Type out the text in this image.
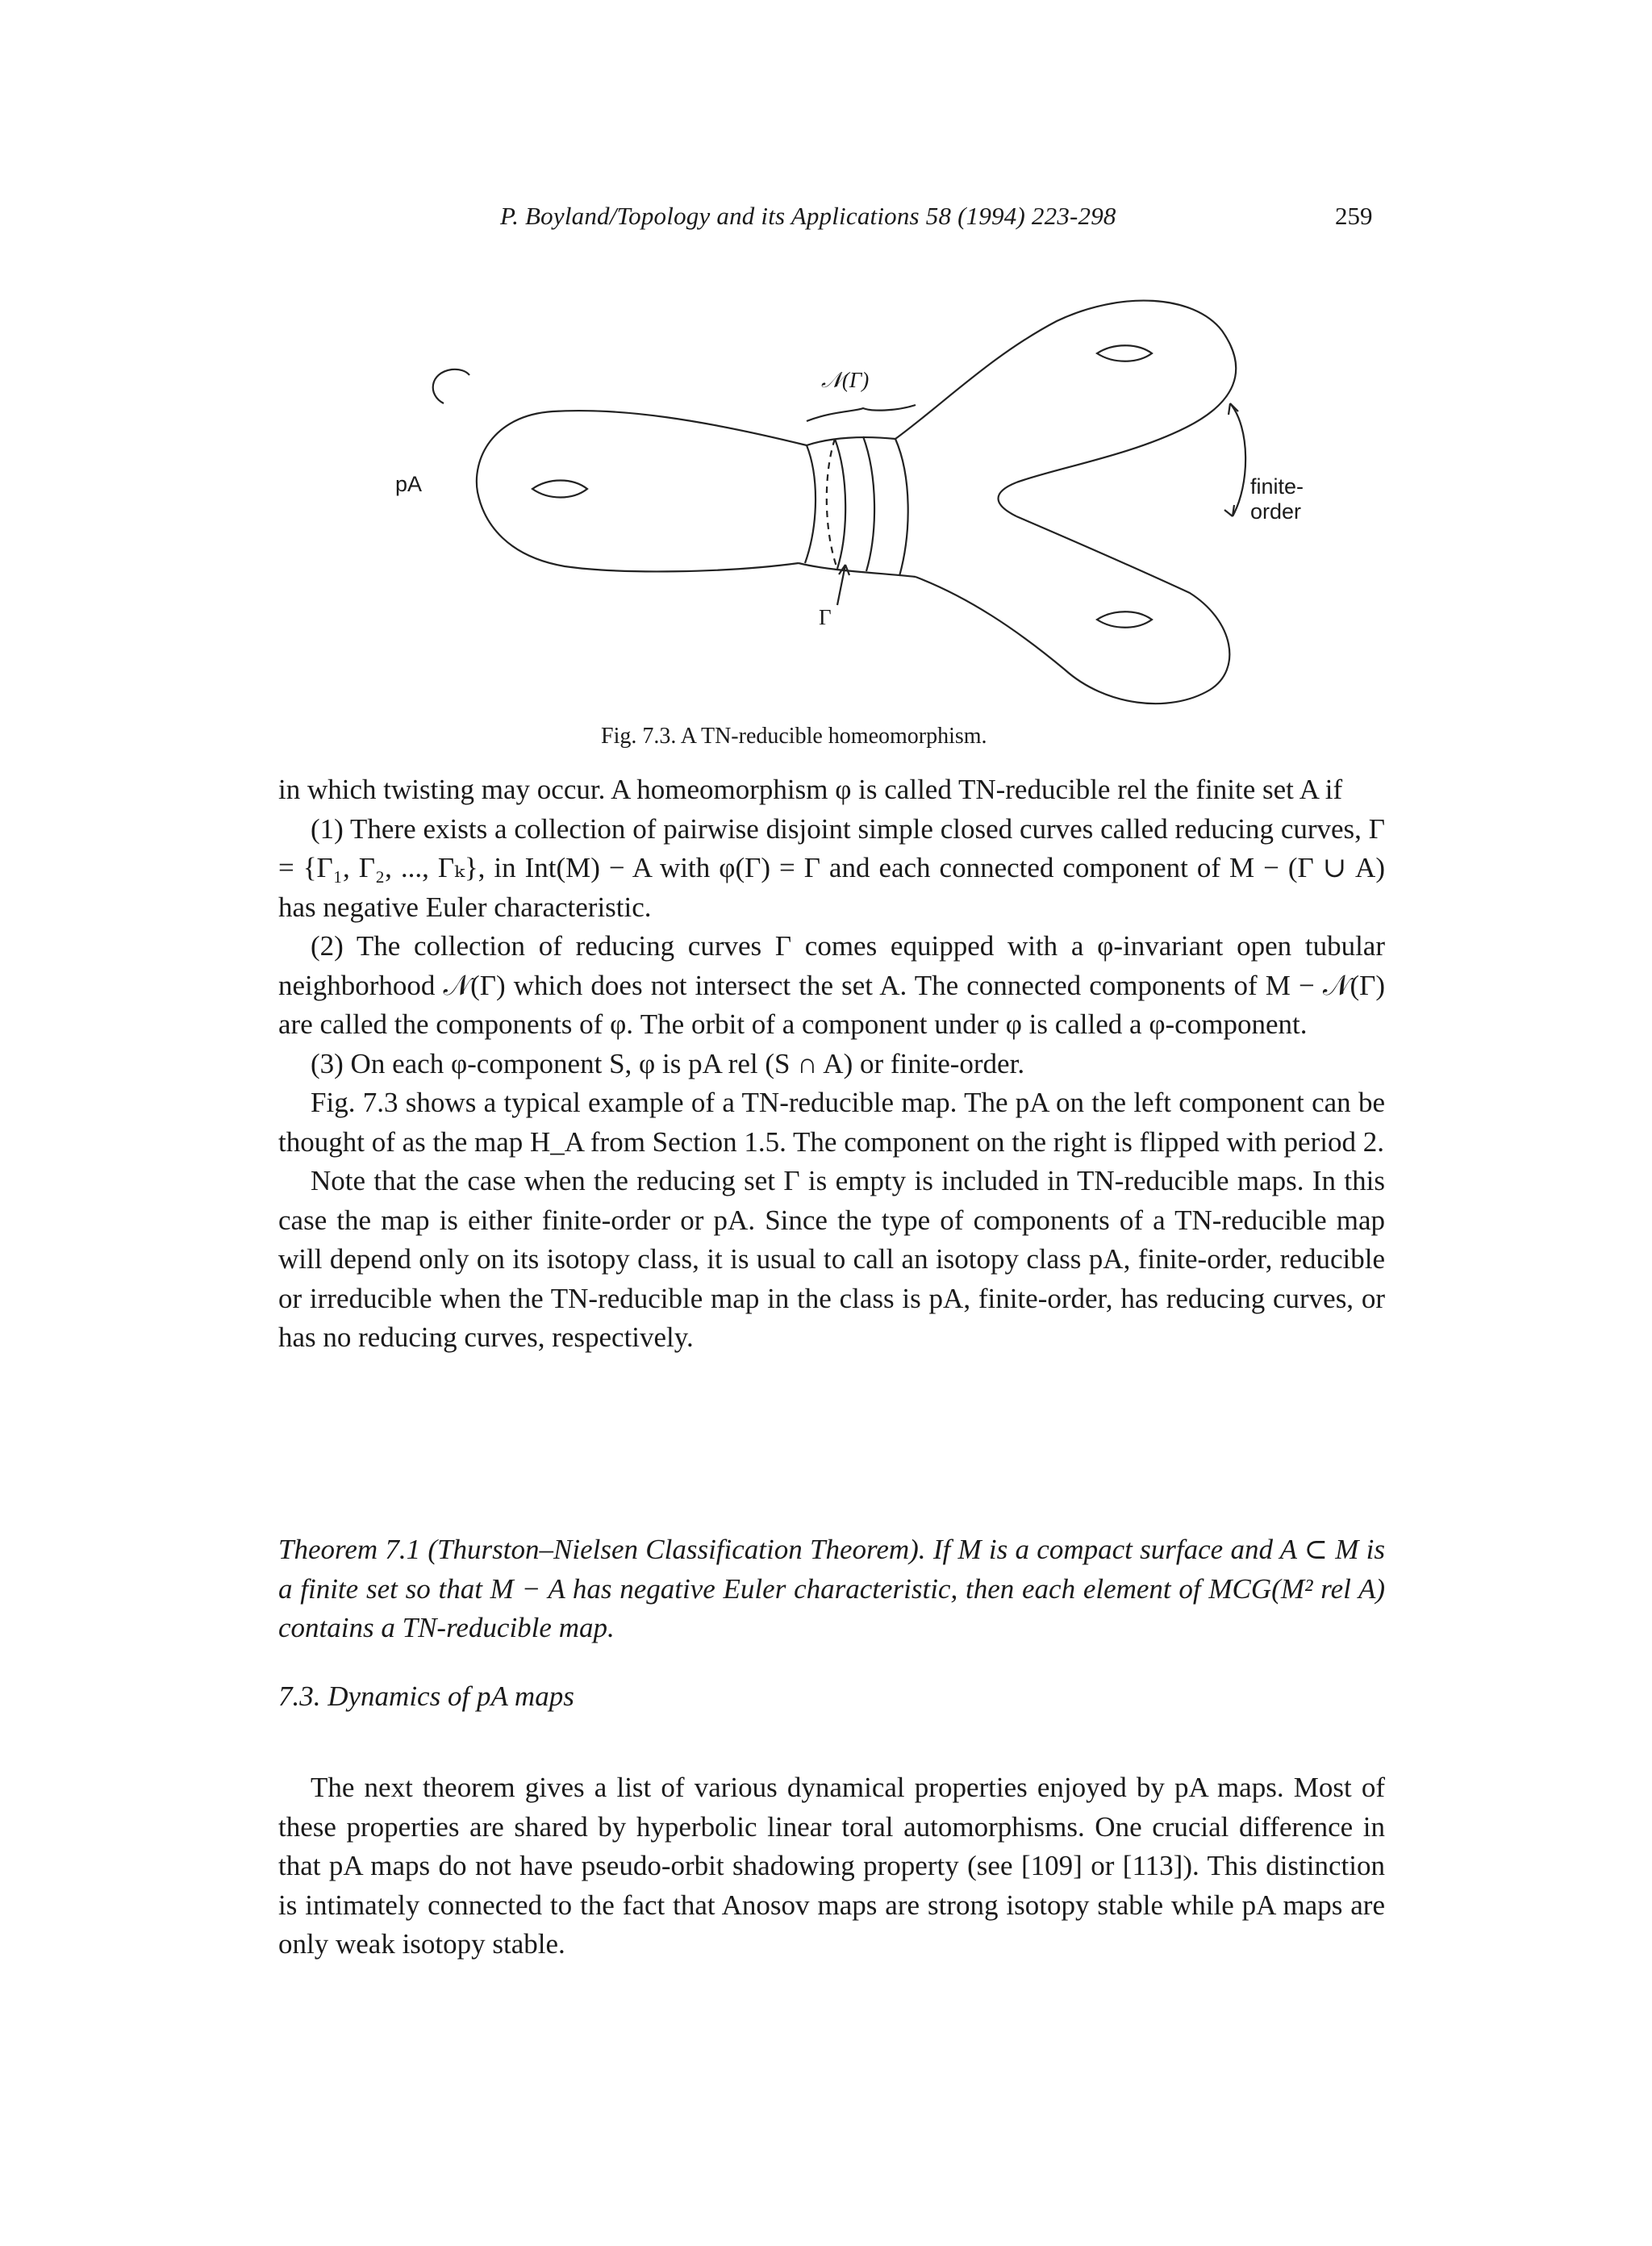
P. Boyland/Topology and its Applications 58 (1994) 223-298	259
pA	finite-order
𝒩(Γ)
Γ
Fig. 7.3. A TN-reducible homeomorphism.

in which twisting may occur. A homeomorphism φ is called TN-reducible rel the finite set A if

(1) There exists a collection of pairwise disjoint simple closed curves called reducing curves, Γ = {Γ₁, Γ₂, ..., Γₖ}, in Int(M) − A with φ(Γ) = Γ and each connected component of M − (Γ ∪ A) has negative Euler characteristic.

(2) The collection of reducing curves Γ comes equipped with a φ-invariant open tubular neighborhood 𝒩(Γ) which does not intersect the set A. The connected components of M − 𝒩(Γ) are called the components of φ. The orbit of a component under φ is called a φ-component.

(3) On each φ-component S, φ is pA rel (S ∩ A) or finite-order.

Fig. 7.3 shows a typical example of a TN-reducible map. The pA on the left component can be thought of as the map H_A from Section 1.5. The component on the right is flipped with period 2.

Note that the case when the reducing set Γ is empty is included in TN-reducible maps. In this case the map is either finite-order or pA. Since the type of components of a TN-reducible map will depend only on its isotopy class, it is usual to call an isotopy class pA, finite-order, reducible or irreducible when the TN-reducible map in the class is pA, finite-order, has reducing curves, or has no reducing curves, respectively.

Theorem 7.1 (Thurston–Nielsen Classification Theorem). If M is a compact surface and A ⊂ M is a finite set so that M − A has negative Euler characteristic, then each element of MCG(M² rel A) contains a TN-reducible map.

7.3. Dynamics of pA maps

The next theorem gives a list of various dynamical properties enjoyed by pA maps. Most of these properties are shared by hyperbolic linear toral automorphisms. One crucial difference in that pA maps do not have pseudo-orbit shadowing property (see [109] or [113]). This distinction is intimately connected to the fact that Anosov maps are strong isotopy stable while pA maps are only weak isotopy stable.
